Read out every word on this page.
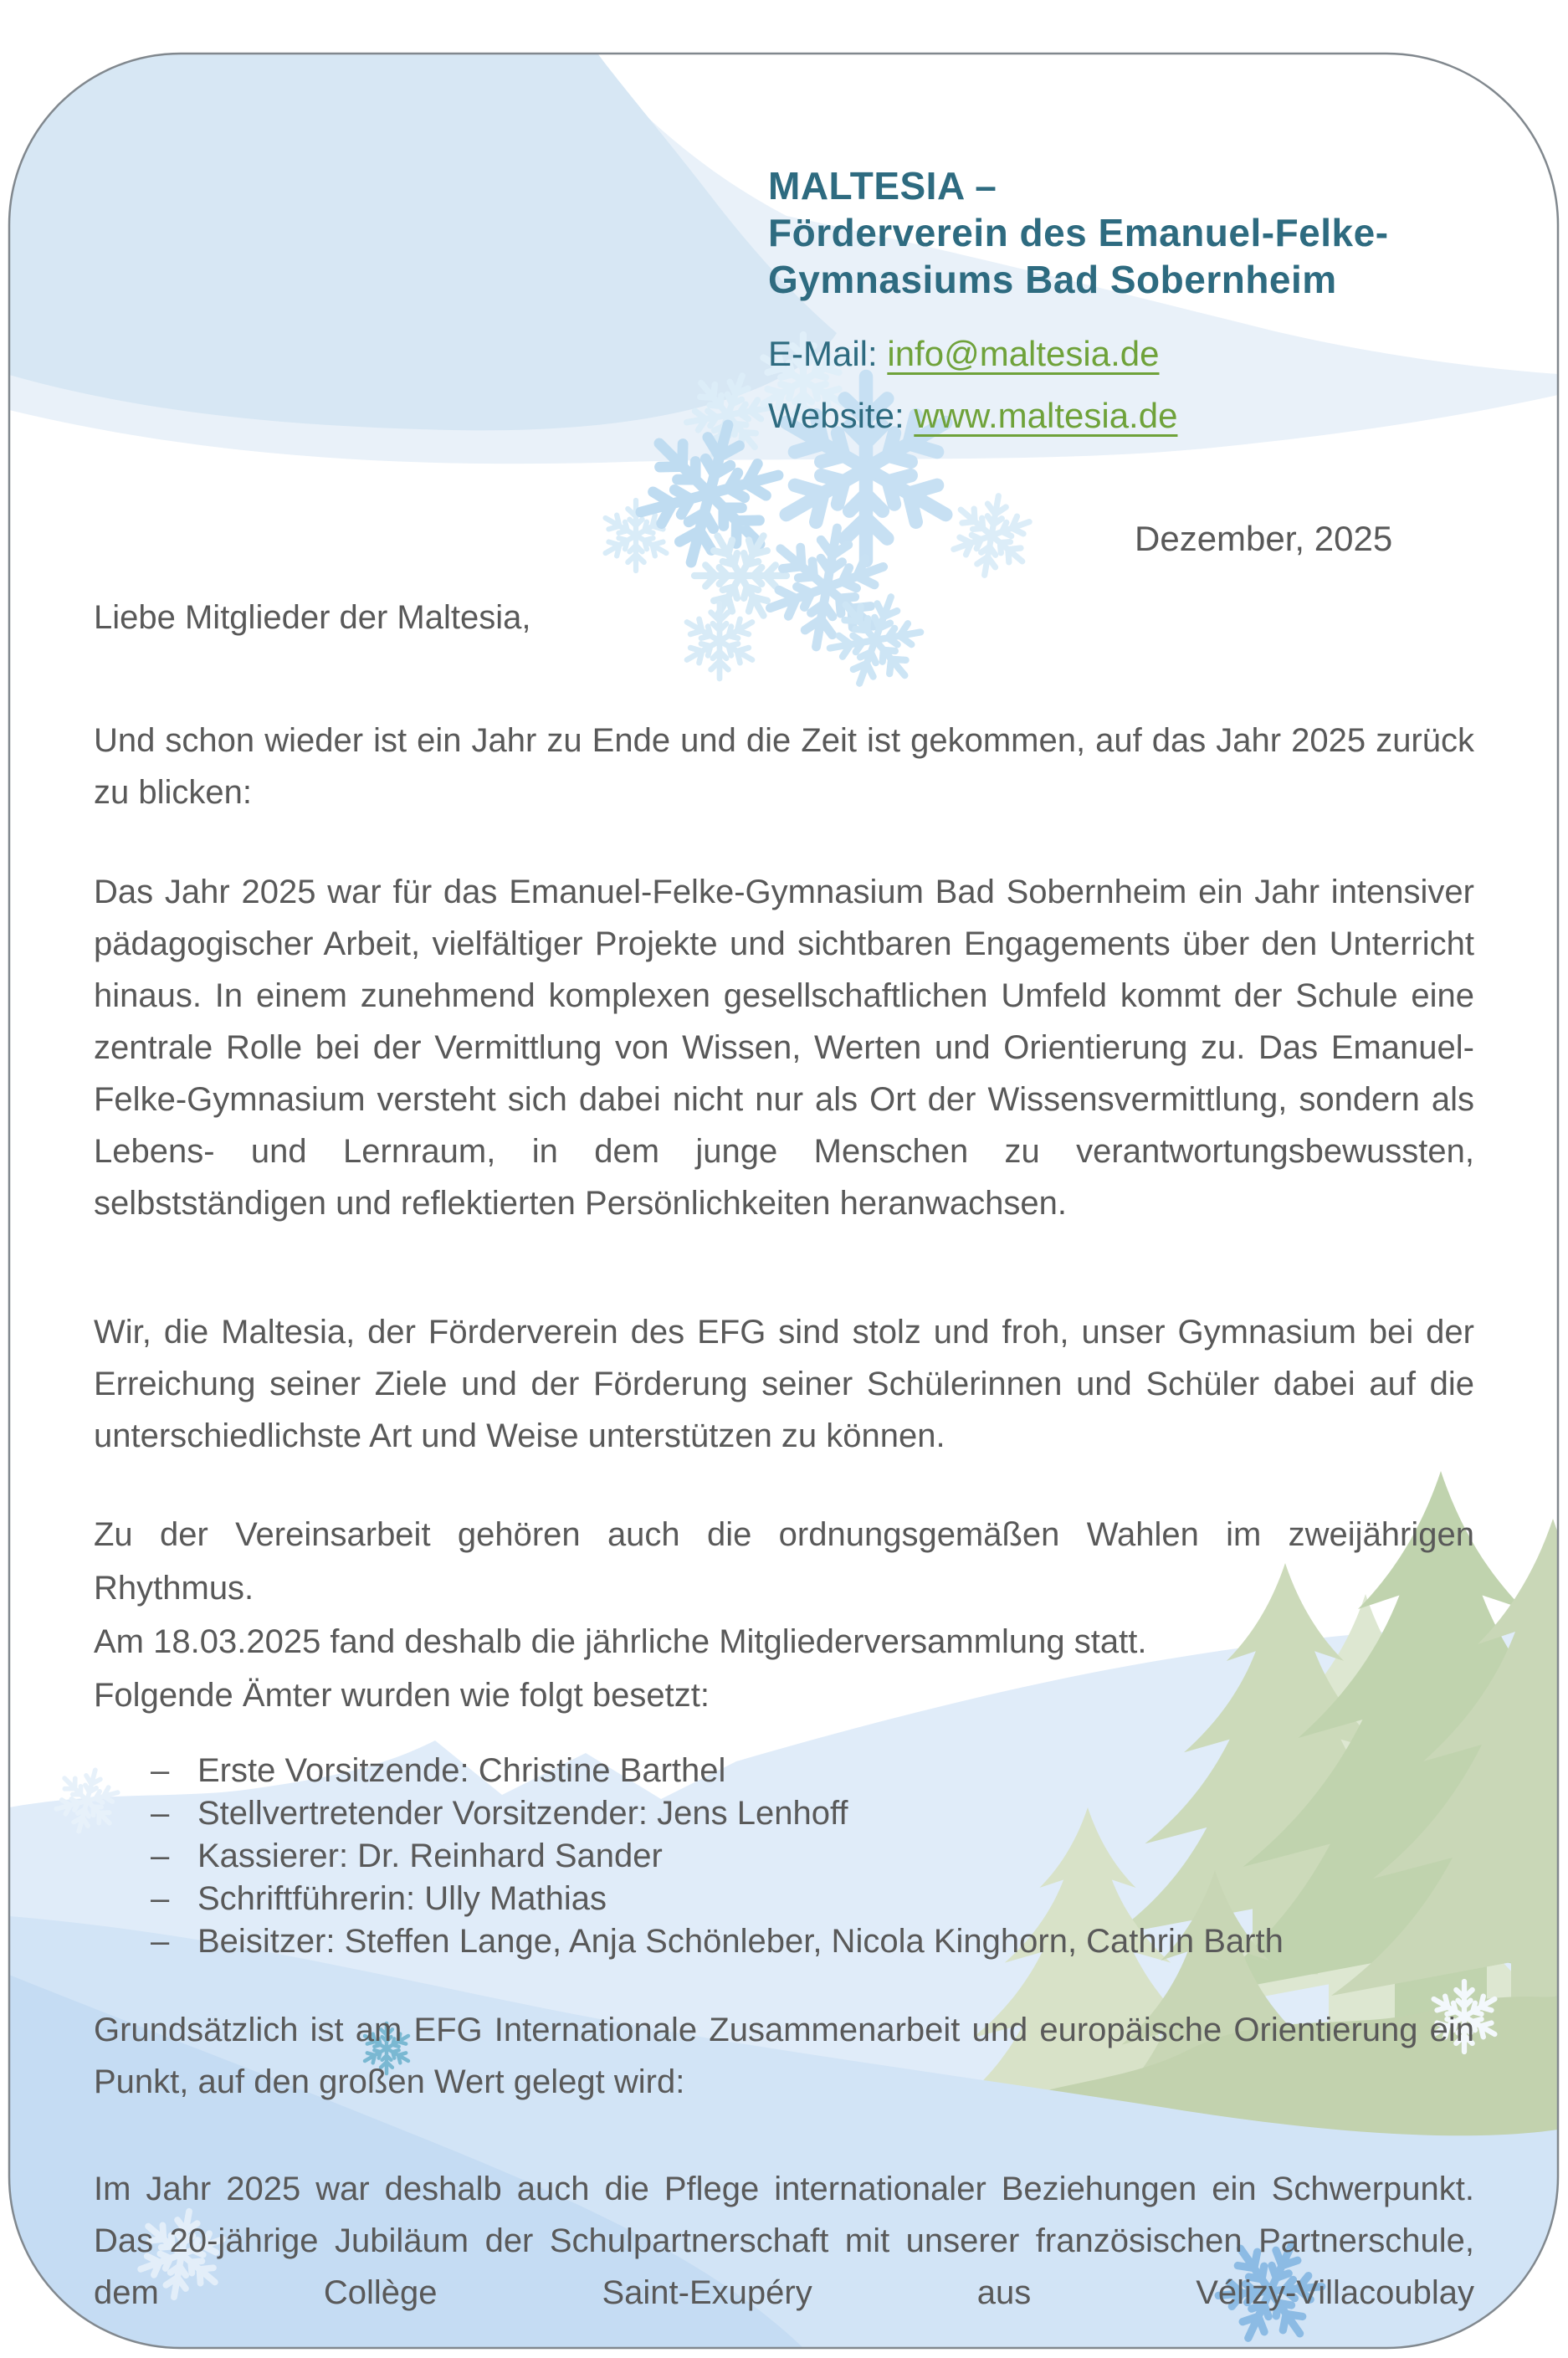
MALTESIA –
Förderverein des Emanuel-Felke-
Gymnasiums Bad Sobernheim
E-Mail: info@maltesia.de
Website: www.maltesia.de
Dezember, 2025
Liebe Mitglieder der Maltesia,
Und schon wieder ist ein Jahr zu Ende und die Zeit ist gekommen, auf das Jahr 2025 zurück zu blicken:
Das Jahr 2025 war für das Emanuel-Felke-Gymnasium Bad Sobernheim ein Jahr intensiver pädagogischer Arbeit, vielfältiger Projekte und sichtbaren Engagements über den Unterricht hinaus. In einem zunehmend komplexen gesellschaftlichen Umfeld kommt der Schule eine zentrale Rolle bei der Vermittlung von Wissen, Werten und Orientierung zu. Das Emanuel-Felke-Gymnasium versteht sich dabei nicht nur als Ort der Wissensvermittlung, sondern als Lebens- und Lernraum, in dem junge Menschen zu verantwortungsbewussten, selbstständigen und reflektierten Persönlichkeiten heranwachsen.
Wir, die Maltesia, der Förderverein des EFG sind stolz und froh, unser Gymnasium bei der Erreichung seiner Ziele und der Förderung seiner Schülerinnen und Schüler dabei auf die unterschiedlichste Art und Weise unterstützen zu können.

Zu der Vereinsarbeit gehören auch die ordnungsgemäßen Wahlen im zweijährigen Rhythmus.

Am 18.03.2025 fand deshalb die jährliche Mitgliederversammlung statt.

Folgende Ämter wurden wie folgt besetzt:

– Erste Vorsitzende: Christine Barthel
– Stellvertretender Vorsitzender: Jens Lenhoff
– Kassierer: Dr. Reinhard Sander
– Schriftführerin: Ully Mathias
– Beisitzer: Steffen Lange, Anja Schönleber, Nicola Kinghorn, Cathrin Barth
Grundsätzlich ist am EFG Internationale Zusammenarbeit und europäische Orientierung ein Punkt, auf den großen Wert gelegt wird:
Im Jahr 2025 war deshalb auch die Pflege internationaler Beziehungen ein Schwerpunkt. Das 20-jährige Jubiläum der Schulpartnerschaft mit unserer französischen Partnerschule, dem Collège Saint-Exupéry aus Vélizy-Villacoublay
